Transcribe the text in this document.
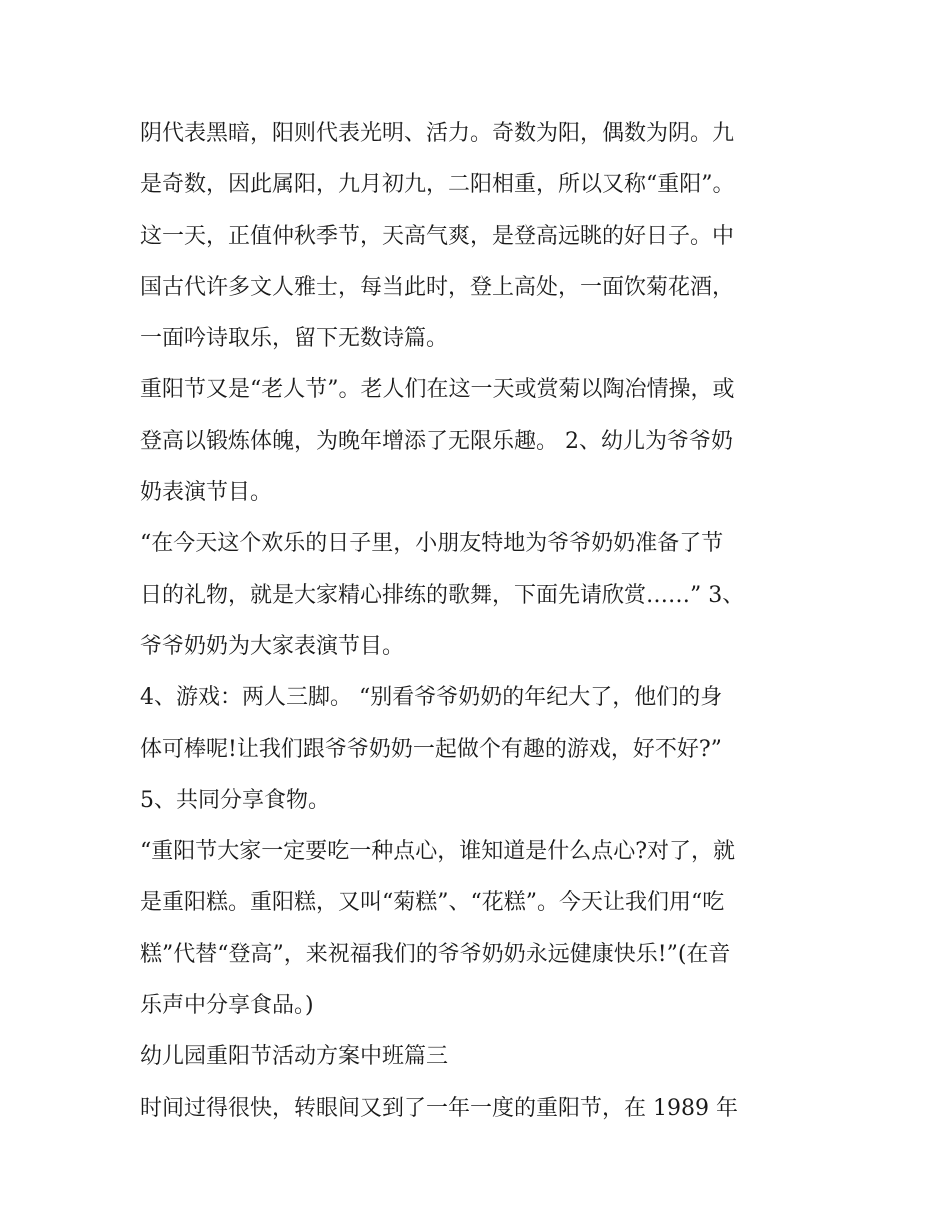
阴代表黑暗，阳则代表光明、活力。奇数为阳，偶数为阴。九
是奇数，因此属阳，九月初九，二阳相重，所以又称“重阳”。
这一天，正值仲秋季节，天高气爽，是登高远眺的好日子。中
国古代许多文人雅士，每当此时，登上高处，一面饮菊花酒，
一面吟诗取乐，留下无数诗篇。
重阳节又是“老人节”。老人们在这一天或赏菊以陶冶情操，或
登高以锻炼体魄，为晚年增添了无限乐趣。 2、幼儿为爷爷奶
奶表演节目。
“在今天这个欢乐的日子里，小朋友特地为爷爷奶奶准备了节
日的礼物，就是大家精心排练的歌舞，下面先请欣赏……” 3、
爷爷奶奶为大家表演节目。
4、游戏：两人三脚。 “别看爷爷奶奶的年纪大了，他们的身
体可棒呢!让我们跟爷爷奶奶一起做个有趣的游戏，好不好?”
5、共同分享食物。
“重阳节大家一定要吃一种点心，谁知道是什么点心?对了，就
是重阳糕。重阳糕，又叫“菊糕”、“花糕”。今天让我们用“吃
糕”代替“登高”，来祝福我们的爷爷奶奶永远健康快乐!”(在音
乐声中分享食品。)
幼儿园重阳节活动方案中班篇三
时间过得很快，转眼间又到了一年一度的重阳节，在 1989 年
